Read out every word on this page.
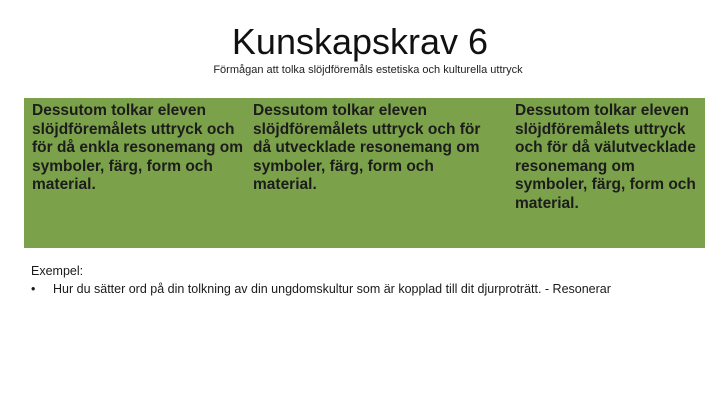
Kunskapskrav 6
Förmågan att tolka slöjdföremåls estetiska och kulturella uttryck
Dessutom tolkar eleven slöjdföremålets uttryck och för då enkla resonemang om symboler, färg, form och material.
Dessutom tolkar eleven slöjdföremålets uttryck och för då utvecklade resonemang om symboler, färg, form och material.
Dessutom tolkar eleven slöjdföremålets uttryck och för då välutvecklade resonemang om symboler, färg, form och material.
Exempel:
•	Hur du sätter ord på din tolkning av din ungdomskultur som är kopplad till dit djurproträtt. - Resonerar
